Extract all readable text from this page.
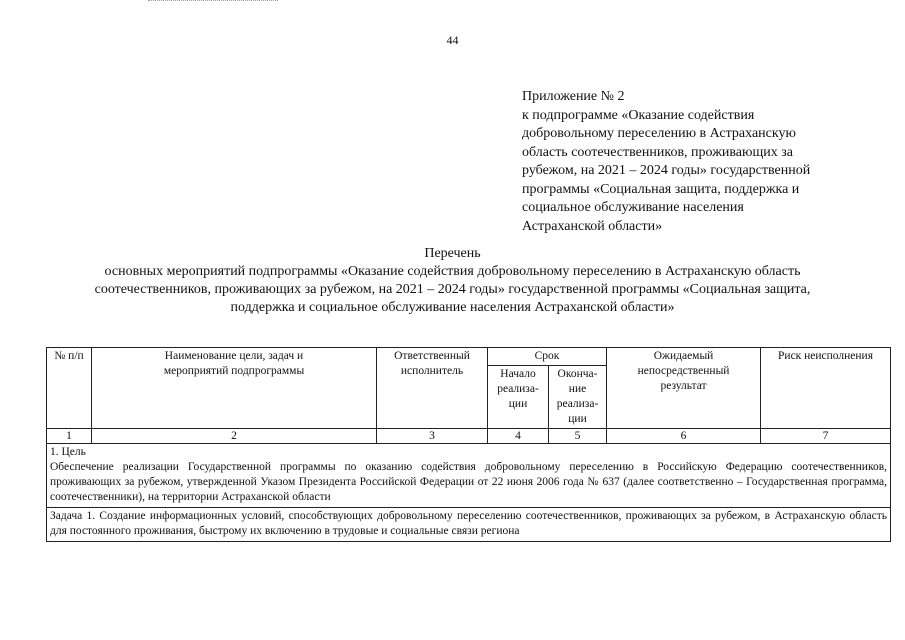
44
Приложение № 2
к подпрограмме «Оказание содействия
добровольному переселению в Астраханскую
область соотечественников, проживающих за
рубежом, на 2021 – 2024 годы» государственной
программы «Социальная защита, поддержка и
социальное обслуживание населения
Астраханской области»
Перечень
основных мероприятий подпрограммы «Оказание содействия добровольному переселению в Астраханскую область
соотечественников, проживающих за рубежом, на 2021 – 2024 годы» государственной программы «Социальная защита,
поддержка и социальное обслуживание населения Астраханской области»
№ п/п	Наименование цели, задач и мероприятий подпрограммы	Ответственный исполнитель	Срок		Ожидаемый непосредственный результат	Риск неисполнения
			Начало реализа-ции	Оконча-ние реализа-ции		
1	2	3	4	5	6	7

1. Цель
Обеспечение реализации Государственной программы по оказанию содействия добровольному переселению в Российскую Федерацию соотечественников, проживающих за рубежом, утвержденной Указом Президента Российской Федерации от 22 июня 2006 года № 637 (далее соответственно – Государственная программа, соотечественники), на территории Астраханской области						

Задача 1. Создание информационных условий, способствующих добровольному переселению соотечественников, проживающих за рубежом, в Астраханскую область для постоянного проживания, быстрому их включению в трудовые и социальные связи региона						
